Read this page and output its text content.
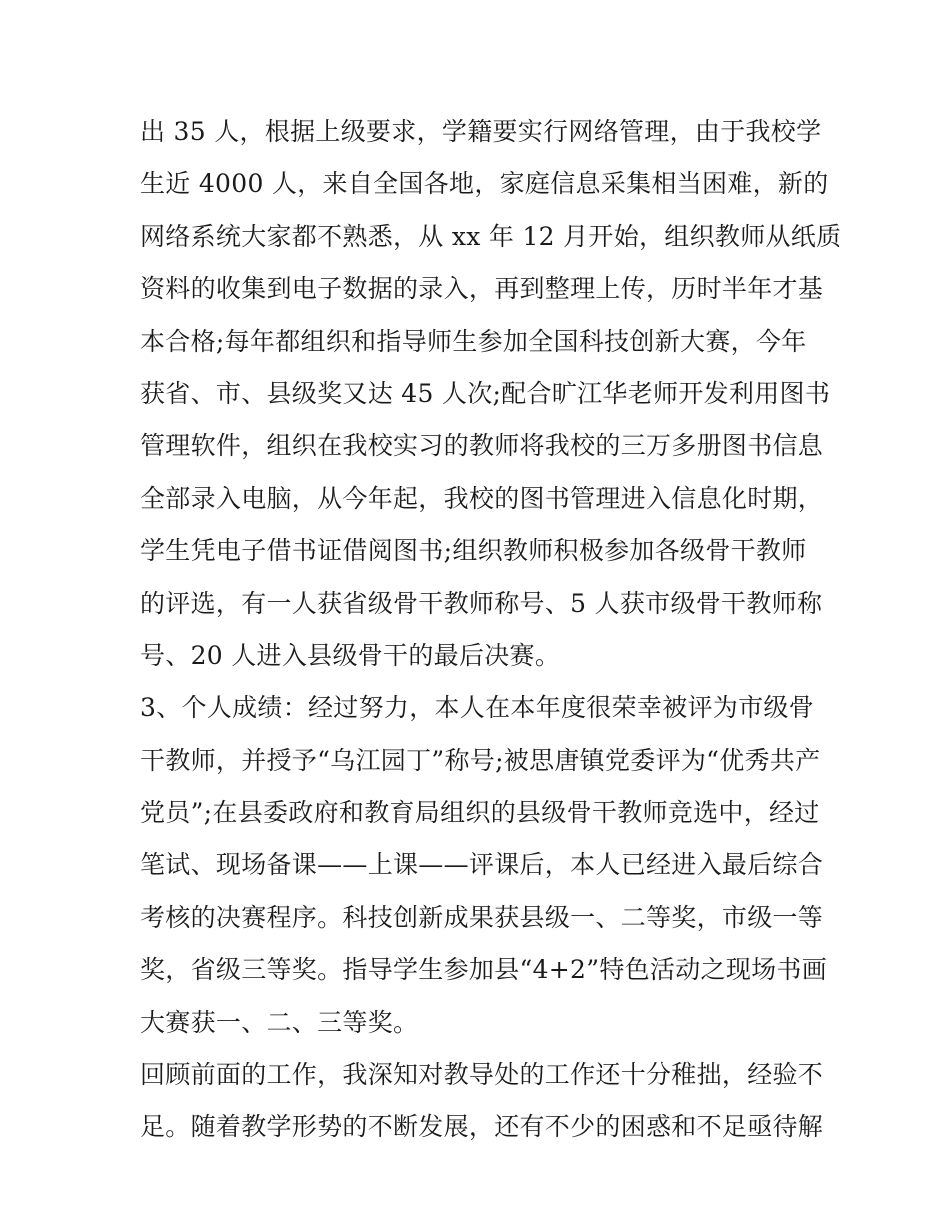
出 35 人，根据上级要求，学籍要实行网络管理，由于我校学
生近 4000 人，来自全国各地，家庭信息采集相当困难，新的
网络系统大家都不熟悉，从 xx 年 12 月开始，组织教师从纸质
资料的收集到电子数据的录入，再到整理上传，历时半年才基
本合格;每年都组织和指导师生参加全国科技创新大赛，今年
获省、市、县级奖又达 45 人次;配合旷江华老师开发利用图书
管理软件，组织在我校实习的教师将我校的三万多册图书信息
全部录入电脑，从今年起，我校的图书管理进入信息化时期，
学生凭电子借书证借阅图书;组织教师积极参加各级骨干教师
的评选，有一人获省级骨干教师称号、5 人获市级骨干教师称
号、20 人进入县级骨干的最后决赛。
3、个人成绩：经过努力，本人在本年度很荣幸被评为市级骨
干教师，并授予“乌江园丁”称号;被思唐镇党委评为“优秀共产
党员”;在县委政府和教育局组织的县级骨干教师竞选中，经过
笔试、现场备课——上课——评课后，本人已经进入最后综合
考核的决赛程序。科技创新成果获县级一、二等奖，市级一等
奖，省级三等奖。指导学生参加县“4+2”特色活动之现场书画
大赛获一、二、三等奖。
回顾前面的工作，我深知对教导处的工作还十分稚拙，经验不
足。随着教学形势的不断发展，还有不少的困惑和不足亟待解
